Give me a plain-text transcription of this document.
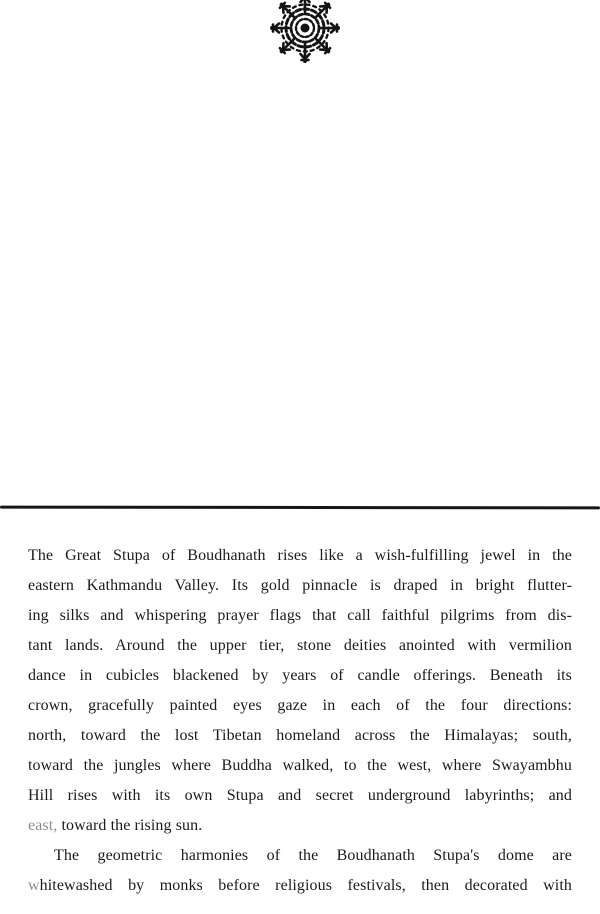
The Great Stupa of Boudhanath rises like a wish-fulfilling jewel in the
eastern Kathmandu Valley. Its gold pinnacle is draped in bright flutter-
ing silks and whispering prayer flags that call faithful pilgrims from dis-
tant lands. Around the upper tier, stone deities anointed with vermilion
dance in cubicles blackened by years of candle offerings. Beneath its
crown, gracefully painted eyes gaze in each of the four directions:
north, toward the lost Tibetan homeland across the Himalayas; south,
toward the jungles where Buddha walked, to the west, where Swayambhu
Hill rises with its own Stupa and secret underground labyrinths; and
east, toward the rising sun.
The geometric harmonies of the Boudhanath Stupa's dome are
whitewashed by monks before religious festivals, then decorated with
